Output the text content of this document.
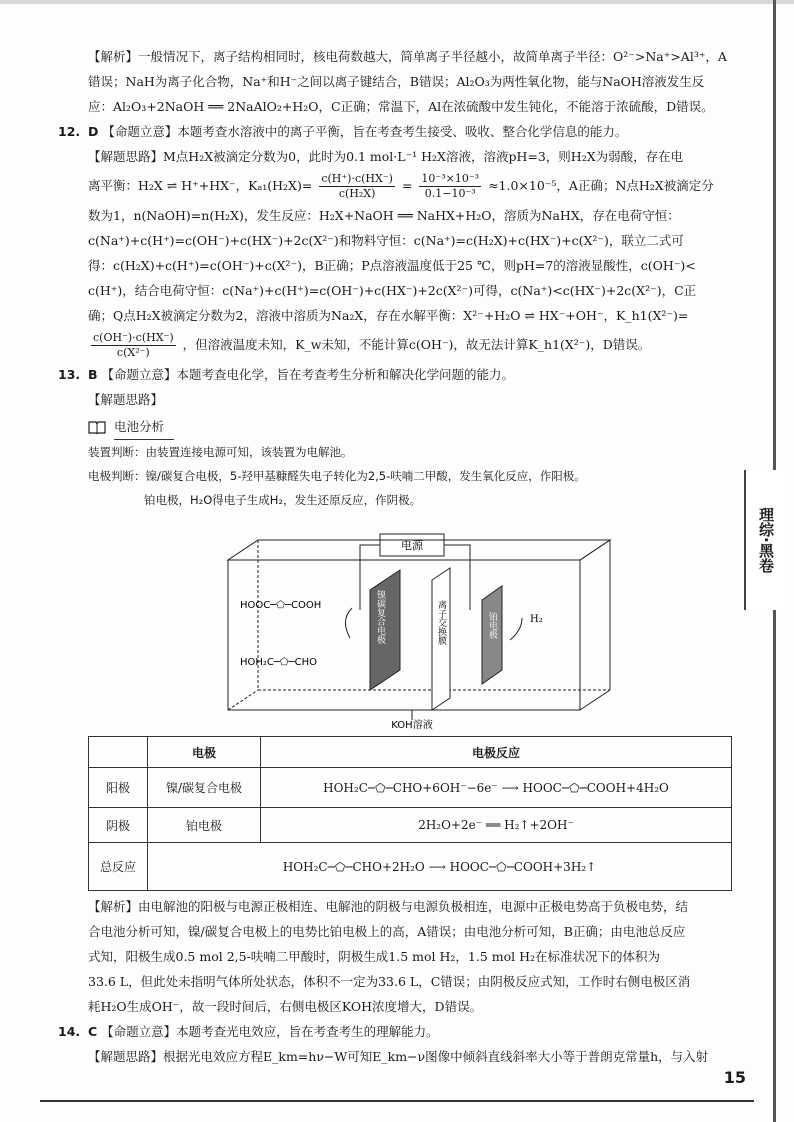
理综·黑卷

【解析】一般情况下，离子结构相同时，核电荷数越大，简单离子半径越小，故简单离子半径：O²⁻>Na⁺>Al³⁺，A

错误；NaH为离子化合物，Na⁺和H⁻之间以离子键结合，B错误；Al₂O₃为两性氧化物，能与NaOH溶液发生反

应：Al₂O₃+2NaOH ══ 2NaAlO₂+H₂O，C正确；常温下，Al在浓硫酸中发生钝化，不能溶于浓硫酸，D错误。

12. D 【命题立意】本题考查水溶液中的离子平衡，旨在考查考生接受、吸收、整合化学信息的能力。

【解题思路】M点H₂X被滴定分数为0，此时为0.1 mol·L⁻¹ H₂X溶液，溶液pH=3，则H₂X为弱酸，存在电

离平衡：H₂X ⇌ H⁺+HX⁻，$K_{a1}(H_2X)= \frac{c(H^+)\cdot c(HX^-)}{\text{c(H₂X)}} = \frac{\text{10⁻³×10⁻³}}{\text{0.1−10⁻³}} \approx 1.0\times 10^{-5}$，A正确；N点H₂X被滴定分

数为1，n(NaOH)=n(H₂X)，发生反应：H₂X+NaOH ══ NaHX+H₂O，溶质为NaHX，存在电荷守恒：

c(Na⁺)+c(H⁺)=c(OH⁻)+c(HX⁻)+2c(X²⁻)和物料守恒：c(Na⁺)=c(H₂X)+c(HX⁻)+c(X²⁻)，联立二式可

得：c(H₂X)+c(H⁺)=c(OH⁻)+c(X²⁻)，B正确；P点溶液温度低于25 ℃，则pH=7的溶液显酸性，c(OH⁻)<

c(H⁺)，结合电荷守恒：c(Na⁺)+c(H⁺)=c(OH⁻)+c(HX⁻)+2c(X²⁻)可得，c(Na⁺)<c(HX⁻)+2c(X²⁻)，C正

确；Q点H₂X被滴定分数为2，溶液中溶质为Na₂X，存在水解平衡：X²⁻+H₂O ⇌ HX⁻+OH⁻，K_h1(X²⁻)=

$\frac{c(OH^-)\cdot c(HX^-)}{\text{c(X²⁻)}}$ ，但溶液温度未知，K_w未知，不能计算c(OH⁻)，故无法计算K_h1(X²⁻)，D错误。

13. B 【命题立意】本题考查电化学，旨在考查考生分析和解决化学问题的能力。

【解题思路】

电池分析

装置判断：由装置连接电源可知，该装置为电解池。

电极判断：镍/碳复合电极，5-羟甲基糠醛失电子转化为2,5-呋喃二甲酸，发生氧化反应，作阳极。

铂电极，H₂O得电子生成H₂，发生还原反应，作阴极。

电源
镍碳复合电极	离子交换膜	铂电极
HOOC─⬠─COOH
HOH₂C─⬠─CHO
H₂
KOH溶液
	电极	电极反应
阳极	镍/碳复合电极	HOH₂C─⬠─CHO+6OH⁻−6e⁻ ⟶ HOOC─⬠─COOH+4H₂O
阴极	铂电极	2H₂O+2e⁻ ══ H₂↑+2OH⁻
总反应	HOH₂C─⬠─CHO+2H₂O ⟶ HOOC─⬠─COOH+3H₂↑	

【解析】由电解池的阳极与电源正极相连、电解池的阴极与电源负极相连，电源中正极电势高于负极电势，结

合电池分析可知，镍/碳复合电极上的电势比铂电极上的高，A错误；由电池分析可知，B正确；由电池总反应

式知，阳极生成0.5 mol 2,5-呋喃二甲酸时，阴极生成1.5 mol H₂，1.5 mol H₂在标准状况下的体积为

33.6 L，但此处未指明气体所处状态，体积不一定为33.6 L，C错误；由阴极反应式知，工作时右侧电极区消

耗H₂O生成OH⁻，故一段时间后，右侧电极区KOH浓度增大，D错误。

14. C 【命题立意】本题考查光电效应，旨在考查考生的理解能力。

【解题思路】根据光电效应方程E_km=hν−W可知E_km−ν图像中倾斜直线斜率大小等于普朗克常量h，与入射

15
